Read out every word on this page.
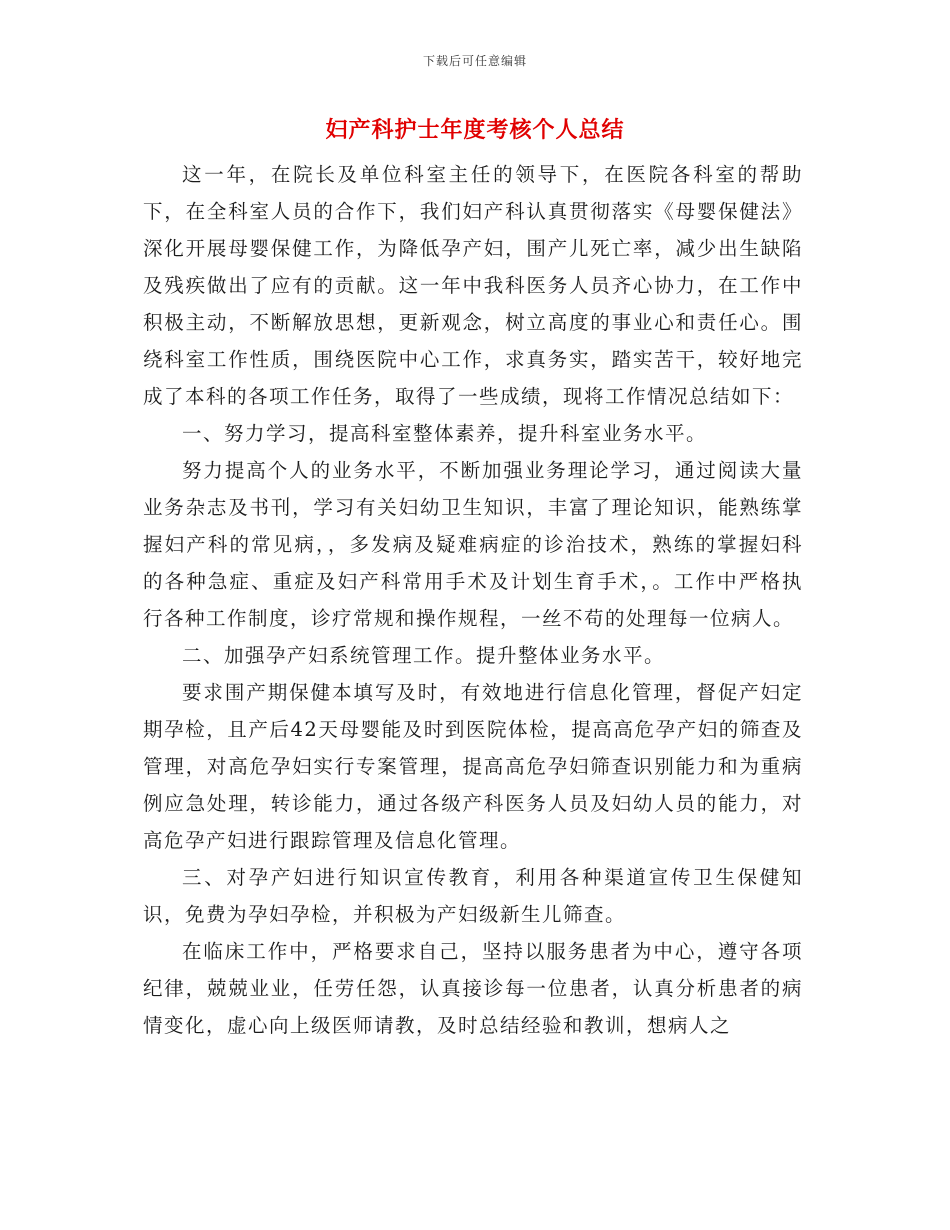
下载后可任意编辑
妇产科护士年度考核个人总结

这一年，在院长及单位科室主任的领导下，在医院各科室的帮助下，在全科室人员的合作下，我们妇产科认真贯彻落实《母婴保健法》深化开展母婴保健工作，为降低孕产妇，围产儿死亡率，减少出生缺陷及残疾做出了应有的贡献。这一年中我科医务人员齐心协力，在工作中积极主动，不断解放思想，更新观念，树立高度的事业心和责任心。围绕科室工作性质，围绕医院中心工作，求真务实，踏实苦干，较好地完成了本科的各项工作任务，取得了一些成绩，现将工作情况总结如下：

一、努力学习，提高科室整体素养，提升科室业务水平。

努力提高个人的业务水平，不断加强业务理论学习，通过阅读大量业务杂志及书刊，学习有关妇幼卫生知识，丰富了理论知识，能熟练掌握妇产科的常见病，，多发病及疑难病症的诊治技术，熟练的掌握妇科的各种急症、重症及妇产科常用手术及计划生育手术，。工作中严格执行各种工作制度，诊疗常规和操作规程，一丝不苟的处理每一位病人。

二、加强孕产妇系统管理工作。提升整体业务水平。

要求围产期保健本填写及时，有效地进行信息化管理，督促产妇定期孕检，且产后42天母婴能及时到医院体检，提高高危孕产妇的筛查及管理，对高危孕妇实行专案管理，提高高危孕妇筛查识别能力和为重病例应急处理，转诊能力，通过各级产科医务人员及妇幼人员的能力，对高危孕产妇进行跟踪管理及信息化管理。

三、对孕产妇进行知识宣传教育，利用各种渠道宣传卫生保健知识，免费为孕妇孕检，并积极为产妇级新生儿筛查。

在临床工作中，严格要求自己，坚持以服务患者为中心，遵守各项纪律，兢兢业业，任劳任怨，认真接诊每一位患者，认真分析患者的病情变化，虚心向上级医师请教，及时总结经验和教训，想病人之
